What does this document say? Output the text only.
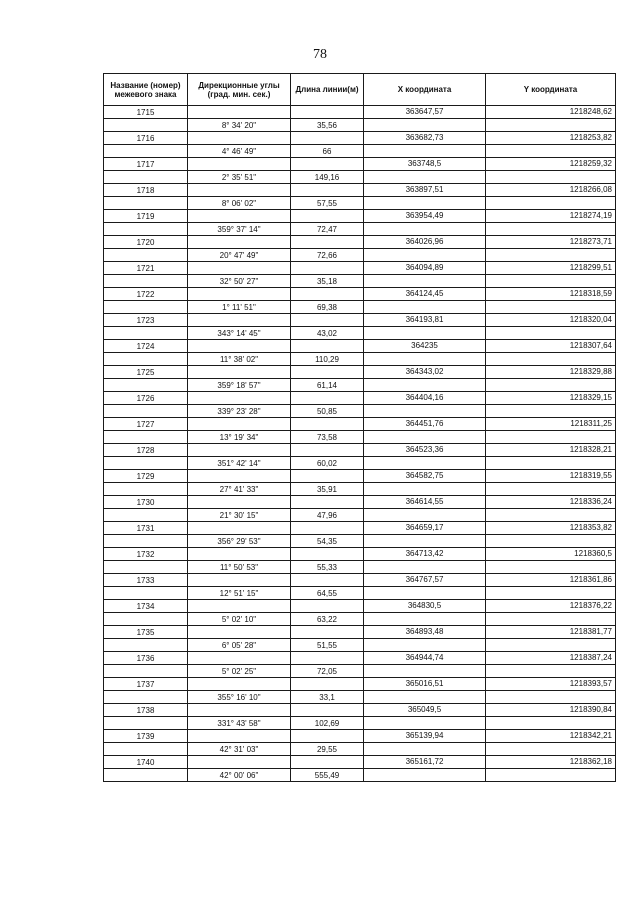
78
Название (номер) межевого знака	Дирекционные углы (град. мин. сек.)	Длина линии(м)	X координата	Y координата
1715			363647,57	1218248,62
	8° 34' 20"	35,56		
1716			363682,73	1218253,82
	4° 46' 49"	66		
1717			363748,5	1218259,32
	2° 35' 51"	149,16		
1718			363897,51	1218266,08
	8° 06' 02"	57,55		
1719			363954,49	1218274,19
	359° 37' 14"	72,47		
1720			364026,96	1218273,71
	20° 47' 49"	72,66		
1721			364094,89	1218299,51
	32° 50' 27"	35,18		
1722			364124,45	1218318,59
	1° 11' 51"	69,38		
1723			364193,81	1218320,04
	343° 14' 45"	43,02		
1724			364235	1218307,64
	11° 38' 02"	110,29		
1725			364343,02	1218329,88
	359° 18' 57"	61,14		
1726			364404,16	1218329,15
	339° 23' 28"	50,85		
1727			364451,76	1218311,25
	13° 19' 34"	73,58		
1728			364523,36	1218328,21
	351° 42' 14"	60,02		
1729			364582,75	1218319,55
	27° 41' 33"	35,91		
1730			364614,55	1218336,24
	21° 30' 15"	47,96		
1731			364659,17	1218353,82
	356° 29' 53"	54,35		
1732			364713,42	1218360,5
	11° 50' 53"	55,33		
1733			364767,57	1218361,86
	12° 51' 15"	64,55		
1734			364830,5	1218376,22
	5° 02' 10"	63,22		
1735			364893,48	1218381,77
	6° 05' 28"	51,55		
1736			364944,74	1218387,24
	5° 02' 25"	72,05		
1737			365016,51	1218393,57
	355° 16' 10"	33,1		
1738			365049,5	1218390,84
	331° 43' 58"	102,69		
1739			365139,94	1218342,21
	42° 31' 03"	29,55		
1740			365161,72	1218362,18
	42° 00' 06"	555,49		
